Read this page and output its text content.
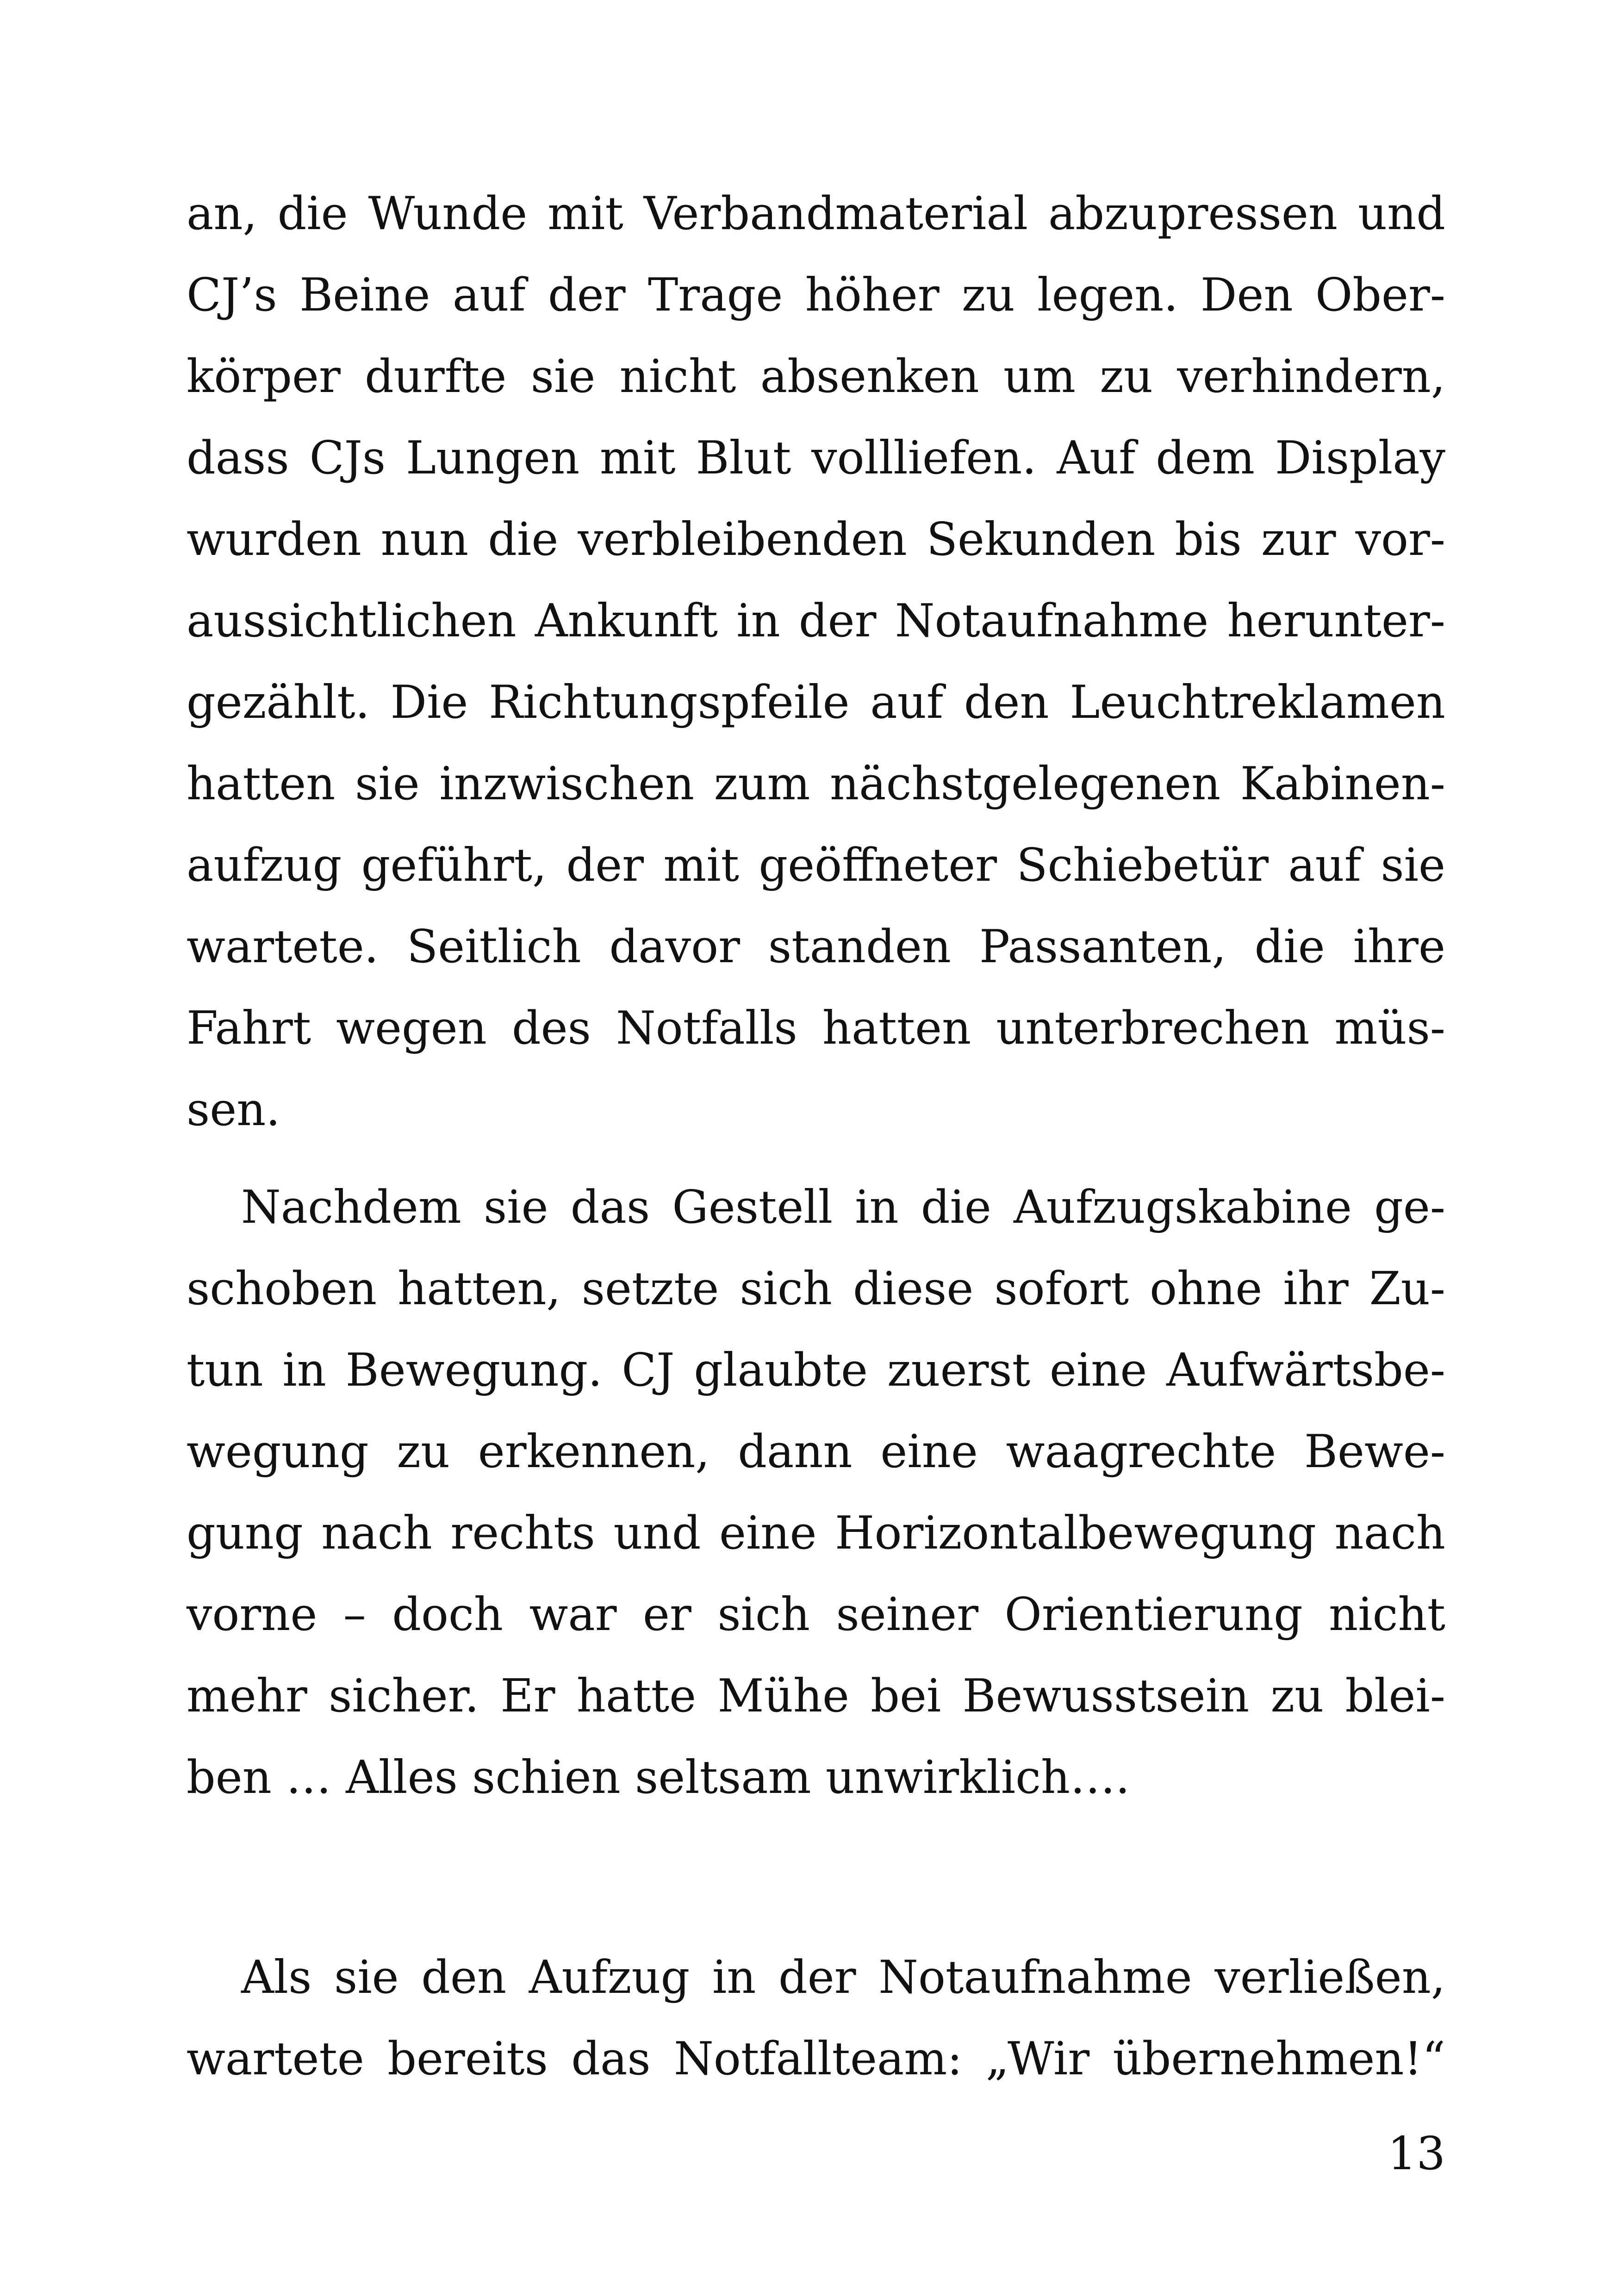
an, die Wunde mit Verbandmaterial abzupressen und
CJ’s Beine auf der Trage höher zu legen. Den Ober-
körper durfte sie nicht absenken um zu verhindern,
dass CJs Lungen mit Blut vollliefen. Auf dem Display
wurden nun die verbleibenden Sekunden bis zur vor-
aussichtlichen Ankunft in der Notaufnahme herunter-
gezählt. Die Richtungspfeile auf den Leuchtreklamen
hatten sie inzwischen zum nächstgelegenen Kabinen-
aufzug geführt, der mit geöffneter Schiebetür auf sie
wartete. Seitlich davor standen Passanten, die ihre
Fahrt wegen des Notfalls hatten unterbrechen müs-
sen.
Nachdem sie das Gestell in die Aufzugskabine ge-
schoben hatten, setzte sich diese sofort ohne ihr Zu-
tun in Bewegung. CJ glaubte zuerst eine Aufwärtsbe-
wegung zu erkennen, dann eine waagrechte Bewe-
gung nach rechts und eine Horizontalbewegung nach
vorne – doch war er sich seiner Orientierung nicht
mehr sicher. Er hatte Mühe bei Bewusstsein zu blei-
ben … Alles schien seltsam unwirklich….
Als sie den Aufzug in der Notaufnahme verließen,
wartete bereits das Notfallteam: „Wir übernehmen!“
13
